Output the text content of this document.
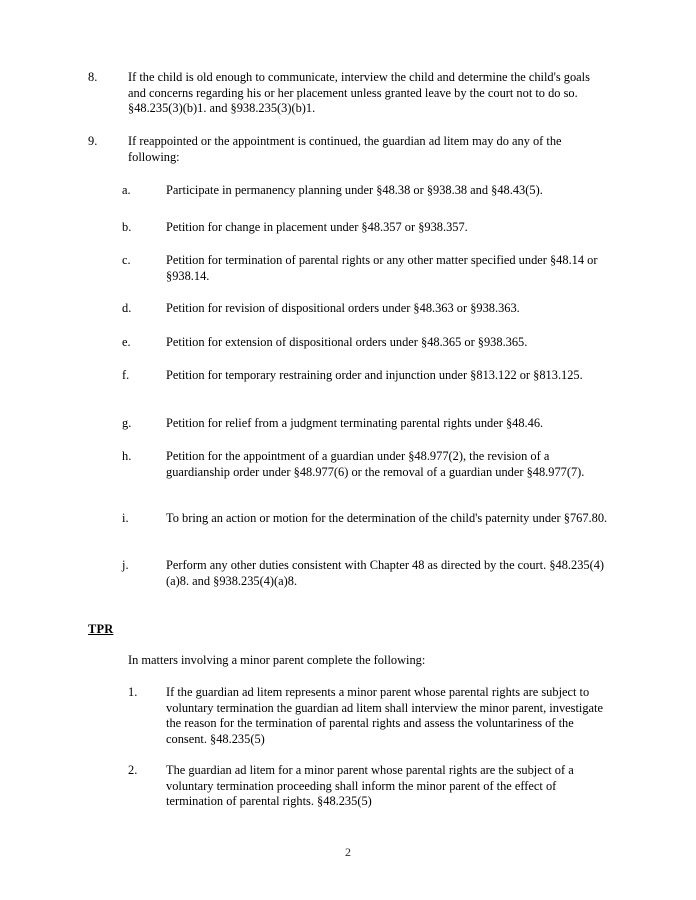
8.	If the child is old enough to communicate, interview the child and determine the child's goals and concerns regarding his or her placement unless granted leave by the court not to do so. §48.235(3)(b)1. and §938.235(3)(b)1.
9.	If reappointed or the appointment is continued, the guardian ad litem may do any of the following:
a.	Participate in permanency planning under §48.38 or §938.38 and §48.43(5).
b.	Petition for change in placement under §48.357 or §938.357.
c.	Petition for termination of parental rights or any other matter specified under §48.14 or §938.14.
d.	Petition for revision of dispositional orders under §48.363 or §938.363.
e.	Petition for extension of dispositional orders under §48.365 or §938.365.
f.	Petition for temporary restraining order and injunction under §813.122 or §813.125.
g.	Petition for relief from a judgment terminating parental rights under §48.46.
h.	Petition for the appointment of a guardian under §48.977(2), the revision of a guardianship order under §48.977(6) or the removal of a guardian under §48.977(7).
i.	To bring an action or motion for the determination of the child's paternity under §767.80.
j.	Perform any other duties consistent with Chapter 48 as directed by the court. §48.235(4)(a)8. and §938.235(4)(a)8.
TPR
In matters involving a minor parent complete the following:
1.	If the guardian ad litem represents a minor parent whose parental rights are subject to voluntary termination the guardian ad litem shall interview the minor parent, investigate the reason for the termination of parental rights and assess the voluntariness of the consent. §48.235(5)
2.	The guardian ad litem for a minor parent whose parental rights are the subject of a voluntary termination proceeding shall inform the minor parent of the effect of termination of parental rights. §48.235(5)
2
